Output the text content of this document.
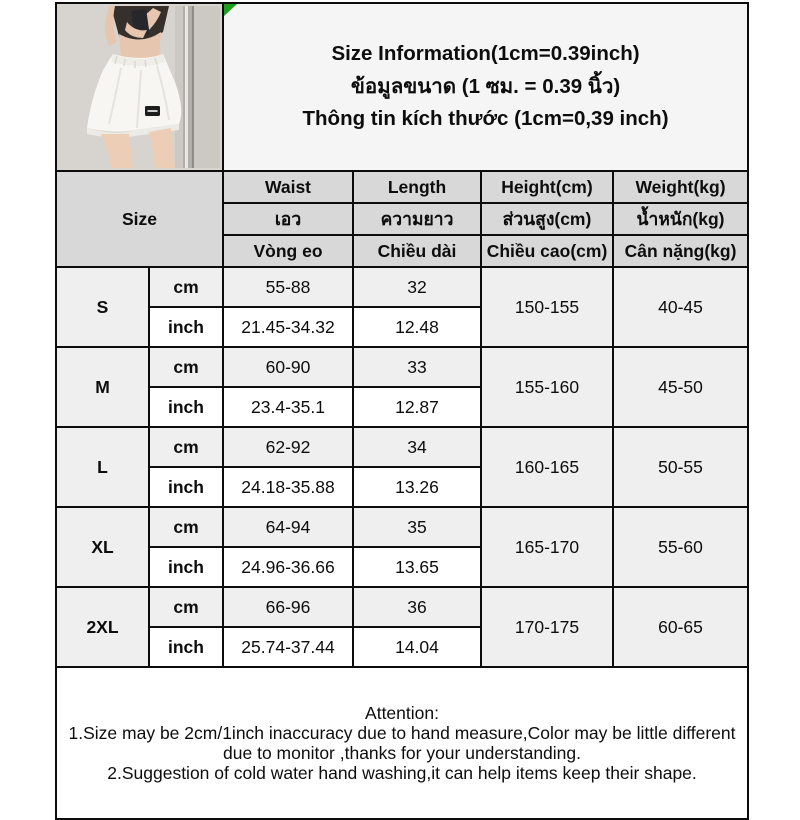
Size Information(1cm=0.39inch)
ข้อมูลขนาด (1 ซม. = 0.39 นิ้ว)
Thông tin kích thước (1cm=0,39 inch)			

Size		Waist	Length	Height(cm)	Weight(kg)
		เอว	ความยาว	ส่วนสูง(cm)	น้ำหนัก(kg)
		Vòng eo	Chiều dài	Chiều cao(cm)	Cân nặng(kg)
S	cm	55-88	32	150-155	40-45
	inch	21.45-34.32	12.48		
M	cm	60-90	33	155-160	45-50
	inch	23.4-35.1	12.87		
L	cm	62-92	34	160-165	50-55
	inch	24.18-35.88	13.26		
XL	cm	64-94	35	165-170	55-60
	inch	24.96-36.66	13.65		
2XL	cm	66-96	36	170-175	60-65
	inch	25.74-37.44	14.04		

Attention:
1.Size may be 2cm/1inch inaccuracy due to hand measure,Color may be little different due to monitor ,thanks for your understanding.
2.Suggestion of cold water hand washing,it can help items keep their shape.					
